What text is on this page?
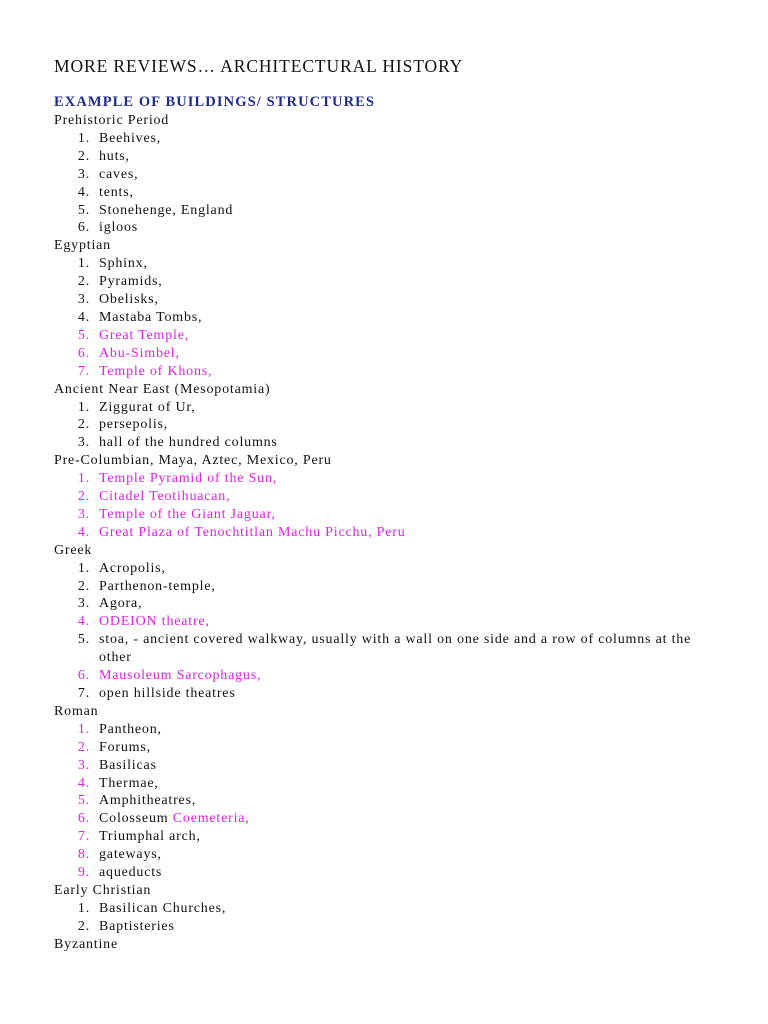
MORE REVIEWS… ARCHITECTURAL HISTORY
EXAMPLE OF BUILDINGS/ STRUCTURES
Prehistoric Period
1. Beehives,
2. huts,
3. caves,
4. tents,
5. Stonehenge, England
6. igloos
Egyptian
1. Sphinx,
2. Pyramids,
3. Obelisks,
4. Mastaba Tombs,
5. Great Temple,
6. Abu-Simbel,
7. Temple of Khons,
Ancient Near East (Mesopotamia)
1. Ziggurat of Ur,
2. persepolis,
3. hall of the hundred columns
Pre-Columbian, Maya, Aztec, Mexico, Peru
1. Temple Pyramid of the Sun,
2. Citadel Teotihuacan,
3. Temple of the Giant Jaguar,
4. Great Plaza of Tenochtitlan Machu Picchu, Peru
Greek
1. Acropolis,
2. Parthenon-temple,
3. Agora,
4. ODEION theatre,
5. stoa, - ancient covered walkway, usually with a wall on one side and a row of columns at the other
6. Mausoleum Sarcophagus,
7. open hillside theatres
Roman
1. Pantheon,
2. Forums,
3. Basilicas
4. Thermae,
5. Amphitheatres,
6. Colosseum Coemeteria,
7. Triumphal arch,
8. gateways,
9. aqueducts
Early Christian
1. Basilican Churches,
2. Baptisteries
Byzantine
